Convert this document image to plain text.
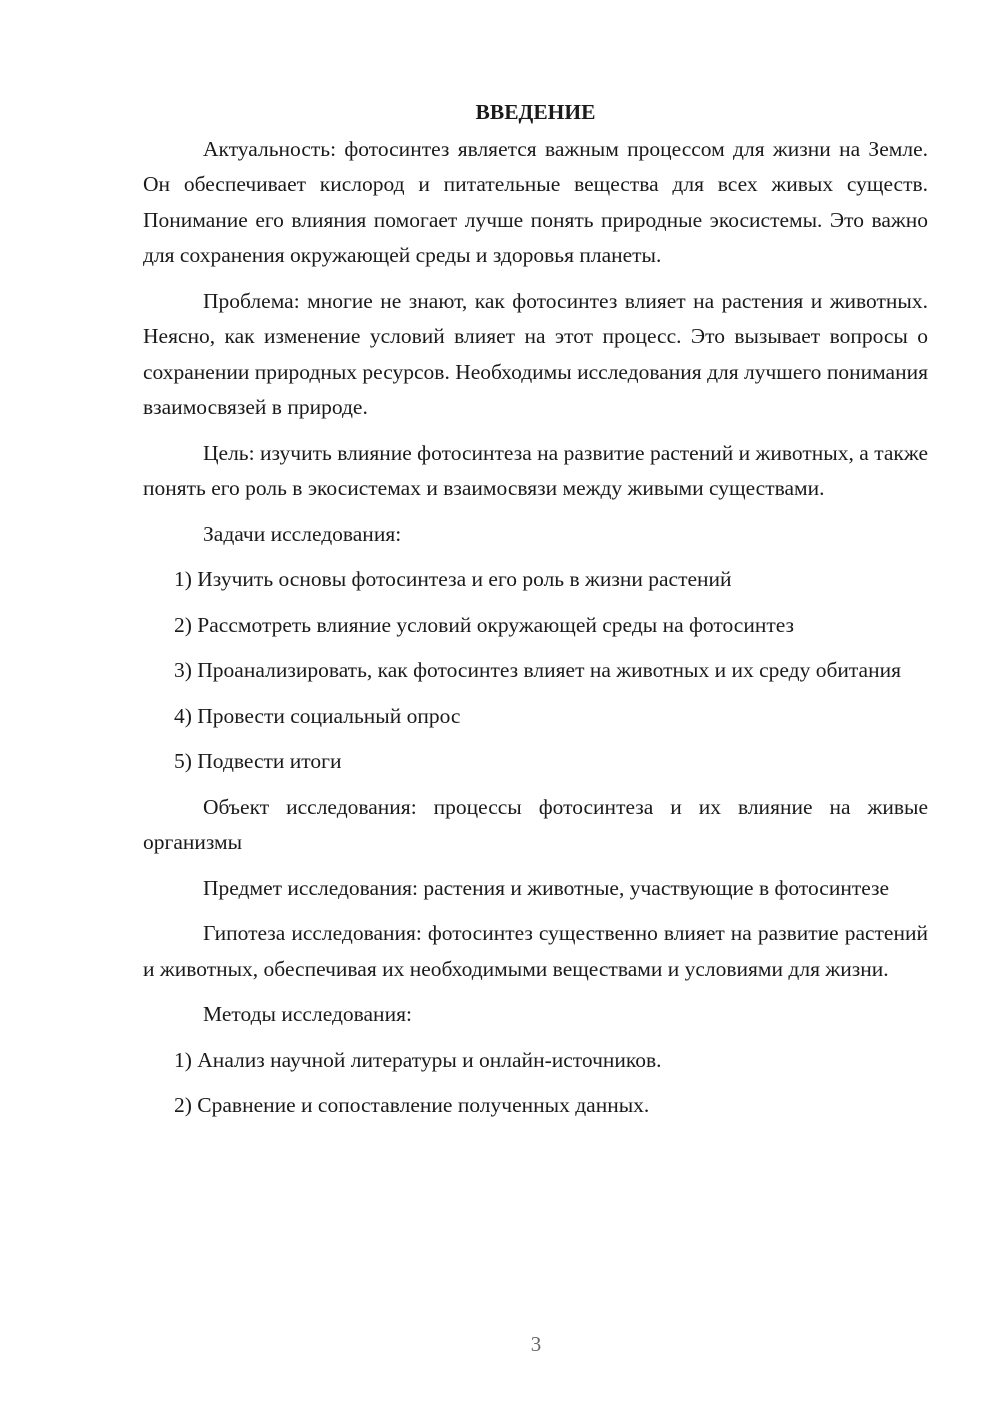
ВВЕДЕНИЕ

Актуальность: фотосинтез является важным процессом для жизни на Земле. Он обеспечивает кислород и питательные вещества для всех живых существ. Понимание его влияния помогает лучше понять природные экосистемы. Это важно для сохранения окружающей среды и здоровья планеты.

Проблема: многие не знают, как фотосинтез влияет на растения и животных. Неясно, как изменение условий влияет на этот процесс. Это вызывает вопросы о сохранении природных ресурсов. Необходимы исследования для лучшего понимания взаимосвязей в природе.

Цель: изучить влияние фотосинтеза на развитие растений и животных, а также понять его роль в экосистемах и взаимосвязи между живыми существами.

Задачи исследования:

1) Изучить основы фотосинтеза и его роль в жизни растений

2) Рассмотреть влияние условий окружающей среды на фотосинтез

3) Проанализировать, как фотосинтез влияет на животных и их среду обитания

4) Провести социальный опрос

5) Подвести итоги

Объект исследования: процессы фотосинтеза и их влияние на живые организмы

Предмет исследования: растения и животные, участвующие в фотосинтезе

Гипотеза исследования: фотосинтез существенно влияет на развитие растений и животных, обеспечивая их необходимыми веществами и условиями для жизни.

Методы исследования:

1) Анализ научной литературы и онлайн-источников.

2) Сравнение и сопоставление полученных данных.

3
